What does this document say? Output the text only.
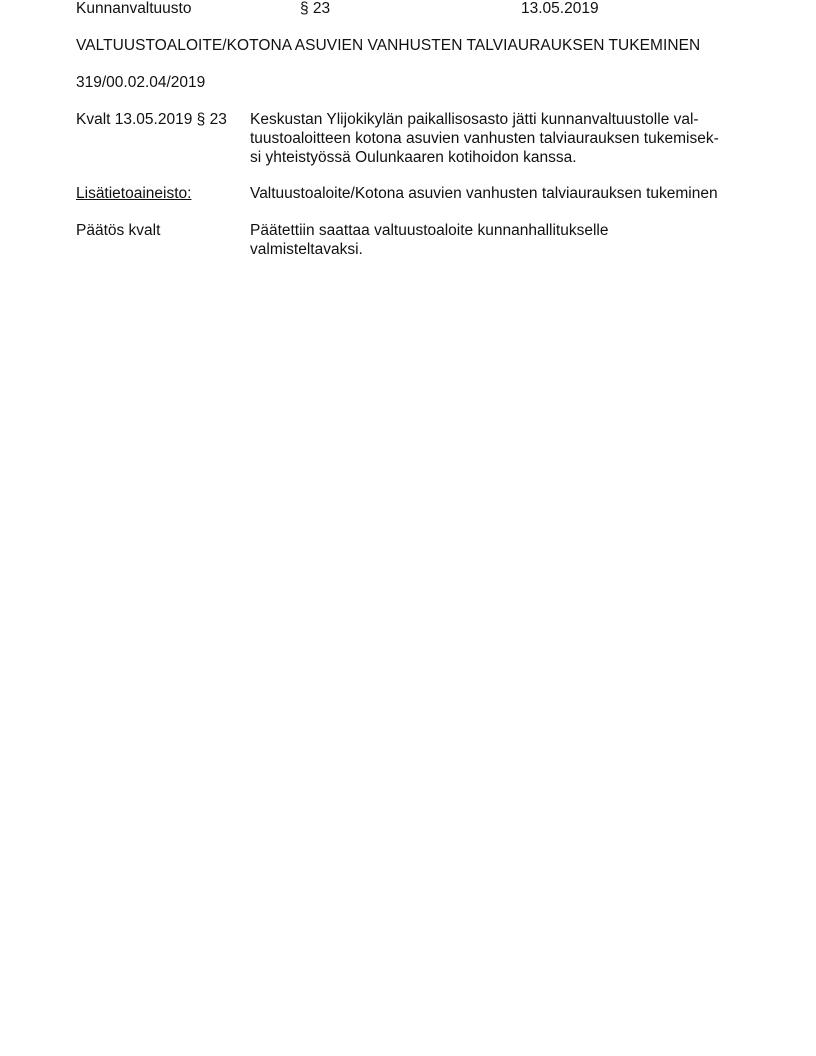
Kunnanvaltuusto	§ 23	13.05.2019
VALTUUSTOALOITE/KOTONA ASUVIEN VANHUSTEN TALVIAURAUKSEN TUKEMINEN
319/00.02.04/2019
Kvalt 13.05.2019 § 23	Keskustan Ylijokikylän paikallisosasto jätti kunnanvaltuustolle val-
tuustoaloitteen kotona asuvien vanhusten talviaurauksen tukemisek-
si yhteistyössä Oulunkaaren kotihoidon kanssa.
Lisätietoaineisto:	Valtuustoaloite/Kotona asuvien vanhusten talviaurauksen tukeminen
Päätös kvalt	Päätettiin saattaa valtuustoaloite kunnanhallitukselle
valmisteltavaksi.
